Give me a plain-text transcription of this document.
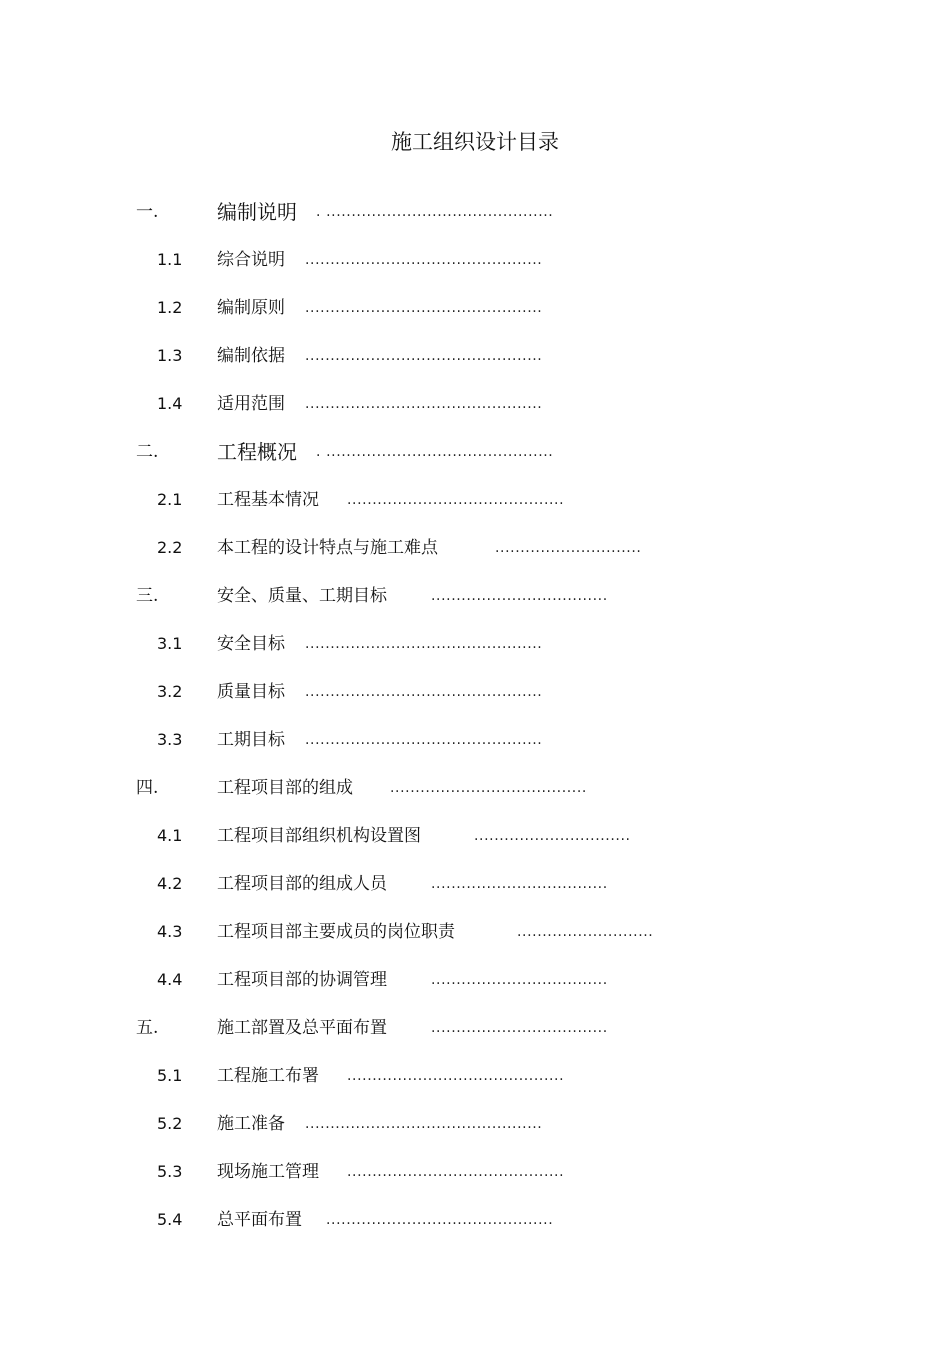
施工组织设计目录
一.	编制说明 . .............................................
1.1 综合说明 ...............................................
1.2 编制原则 ...............................................
1.3 编制依据 ...............................................
1.4 适用范围 ...............................................
二.	工程概况 . .............................................
2.1 工程基本情况 ...........................................
2.2 本工程的设计特点与施工难点	.............................
三.	安全、质量、工期目标	...................................
3.1 安全目标 ...............................................
3.2 质量目标 ...............................................
3.3 工期目标 ...............................................
四.	工程项目部的组成	.......................................
4.1 工程项目部组织机构设置图	...............................
4.2 工程项目部的组成人员	...................................
4.3 工程项目部主要成员的岗位职责	...........................
4.4 工程项目部的协调管理	...................................
五.	施工部置及总平面布置	...................................
5.1 工程施工布署 ...........................................
5.2 施工准备 ...............................................
5.3 现场施工管理 ...........................................
5.4 总平面布置 .............................................
